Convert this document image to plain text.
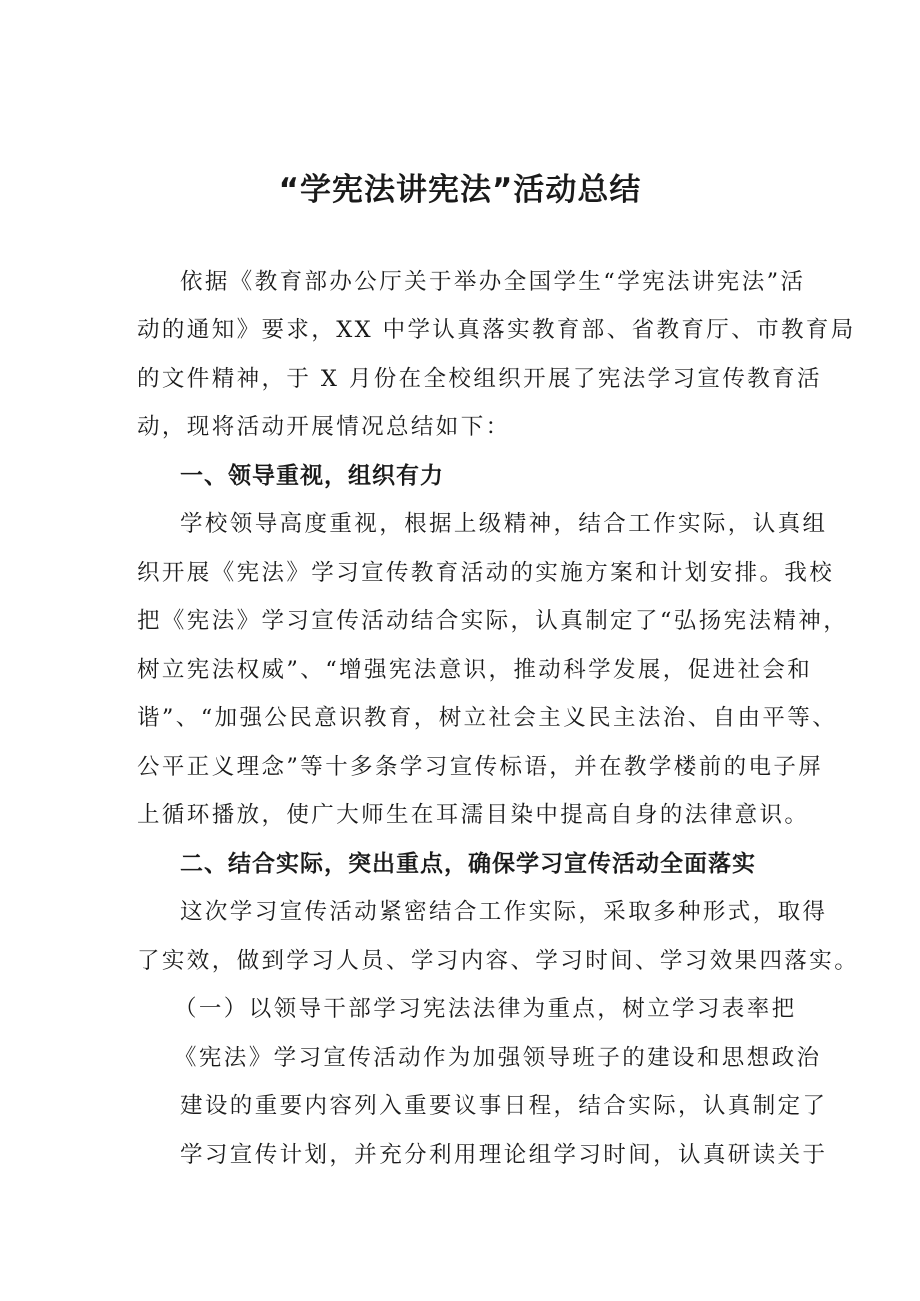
“学宪法讲宪法”活动总结
依据《教育部办公厅关于举办全国学生“学宪法讲宪法”活
动的通知》要求，XX 中学认真落实教育部、省教育厅、市教育局
的文件精神，于 X 月份在全校组织开展了宪法学习宣传教育活
动，现将活动开展情况总结如下：
一、领导重视，组织有力
学校领导高度重视，根据上级精神，结合工作实际，认真组
织开展《宪法》学习宣传教育活动的实施方案和计划安排。我校
把《宪法》学习宣传活动结合实际，认真制定了“弘扬宪法精神，
树立宪法权威”、“增强宪法意识，推动科学发展，促进社会和
谐”、“加强公民意识教育，树立社会主义民主法治、自由平等、
公平正义理念”等十多条学习宣传标语，并在教学楼前的电子屏
上循环播放，使广大师生在耳濡目染中提高自身的法律意识。
二、结合实际，突出重点，确保学习宣传活动全面落实
这次学习宣传活动紧密结合工作实际，采取多种形式，取得
了实效，做到学习人员、学习内容、学习时间、学习效果四落实。
（一）以领导干部学习宪法法律为重点，树立学习表率把
《宪法》学习宣传活动作为加强领导班子的建设和思想政治
建设的重要内容列入重要议事日程，结合实际，认真制定了
学习宣传计划，并充分利用理论组学习时间，认真研读关于
